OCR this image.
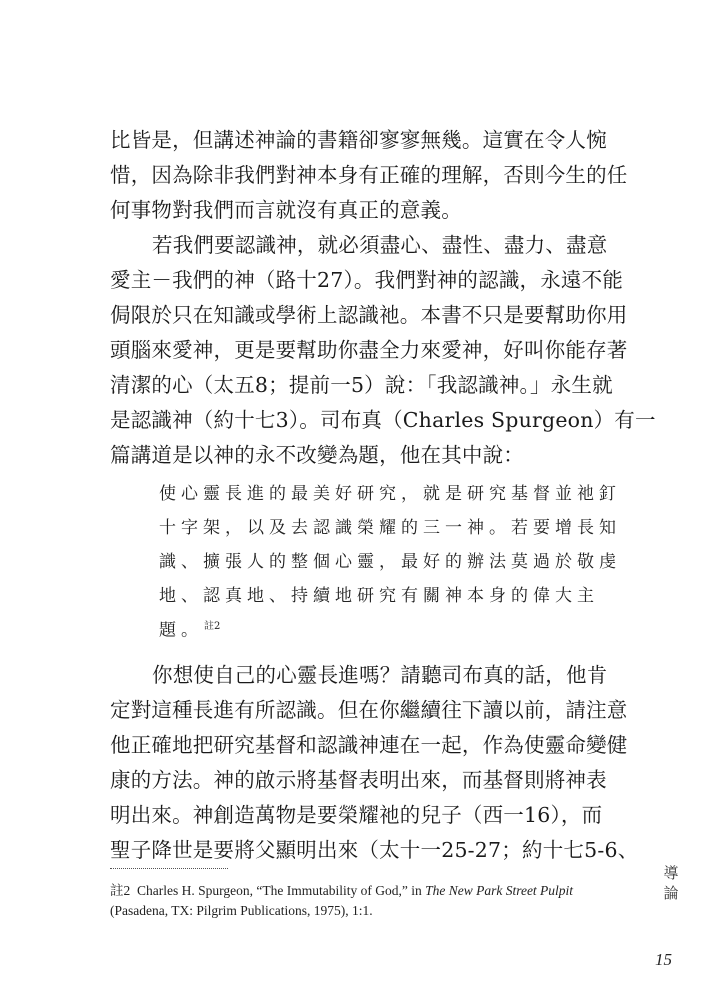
比皆是，但講述神論的書籍卻寥寥無幾。這實在令人惋
惜，因為除非我們對神本身有正確的理解，否則今生的任
何事物對我們而言就沒有真正的意義。
若我們要認識神，就必須盡心、盡性、盡力、盡意
愛主－我們的神（路十27）。我們對神的認識，永遠不能
侷限於只在知識或學術上認識祂。本書不只是要幫助你用
頭腦來愛神，更是要幫助你盡全力來愛神，好叫你能存著
清潔的心（太五8；提前一5）說：「我認識神。」永生就
是認識神（約十七3）。司布真（Charles Spurgeon）有一
篇講道是以神的永不改變為題，他在其中說：
使心靈長進的最美好研究，就是研究基督並祂釘
十字架，以及去認識榮耀的三一神。若要增長知
識、擴張人的整個心靈，最好的辦法莫過於敬虔
地、認真地、持續地研究有關神本身的偉大主
題。$^{註2}$
你想使自己的心靈長進嗎？請聽司布真的話，他肯
定對這種長進有所認識。但在你繼續往下讀以前，請注意
他正確地把研究基督和認識神連在一起，作為使靈命變健
康的方法。神的啟示將基督表明出來，而基督則將神表
明出來。神創造萬物是要榮耀祂的兒子（西一16），而
聖子降世是要將父顯明出來（太十一25-27；約十七5-6、
註2 Charles H. Spurgeon, “The Immutability of God,” in The New Park Street Pulpit
(Pasadena, TX: Pilgrim Publications, 1975), 1:1.
導
論
15
